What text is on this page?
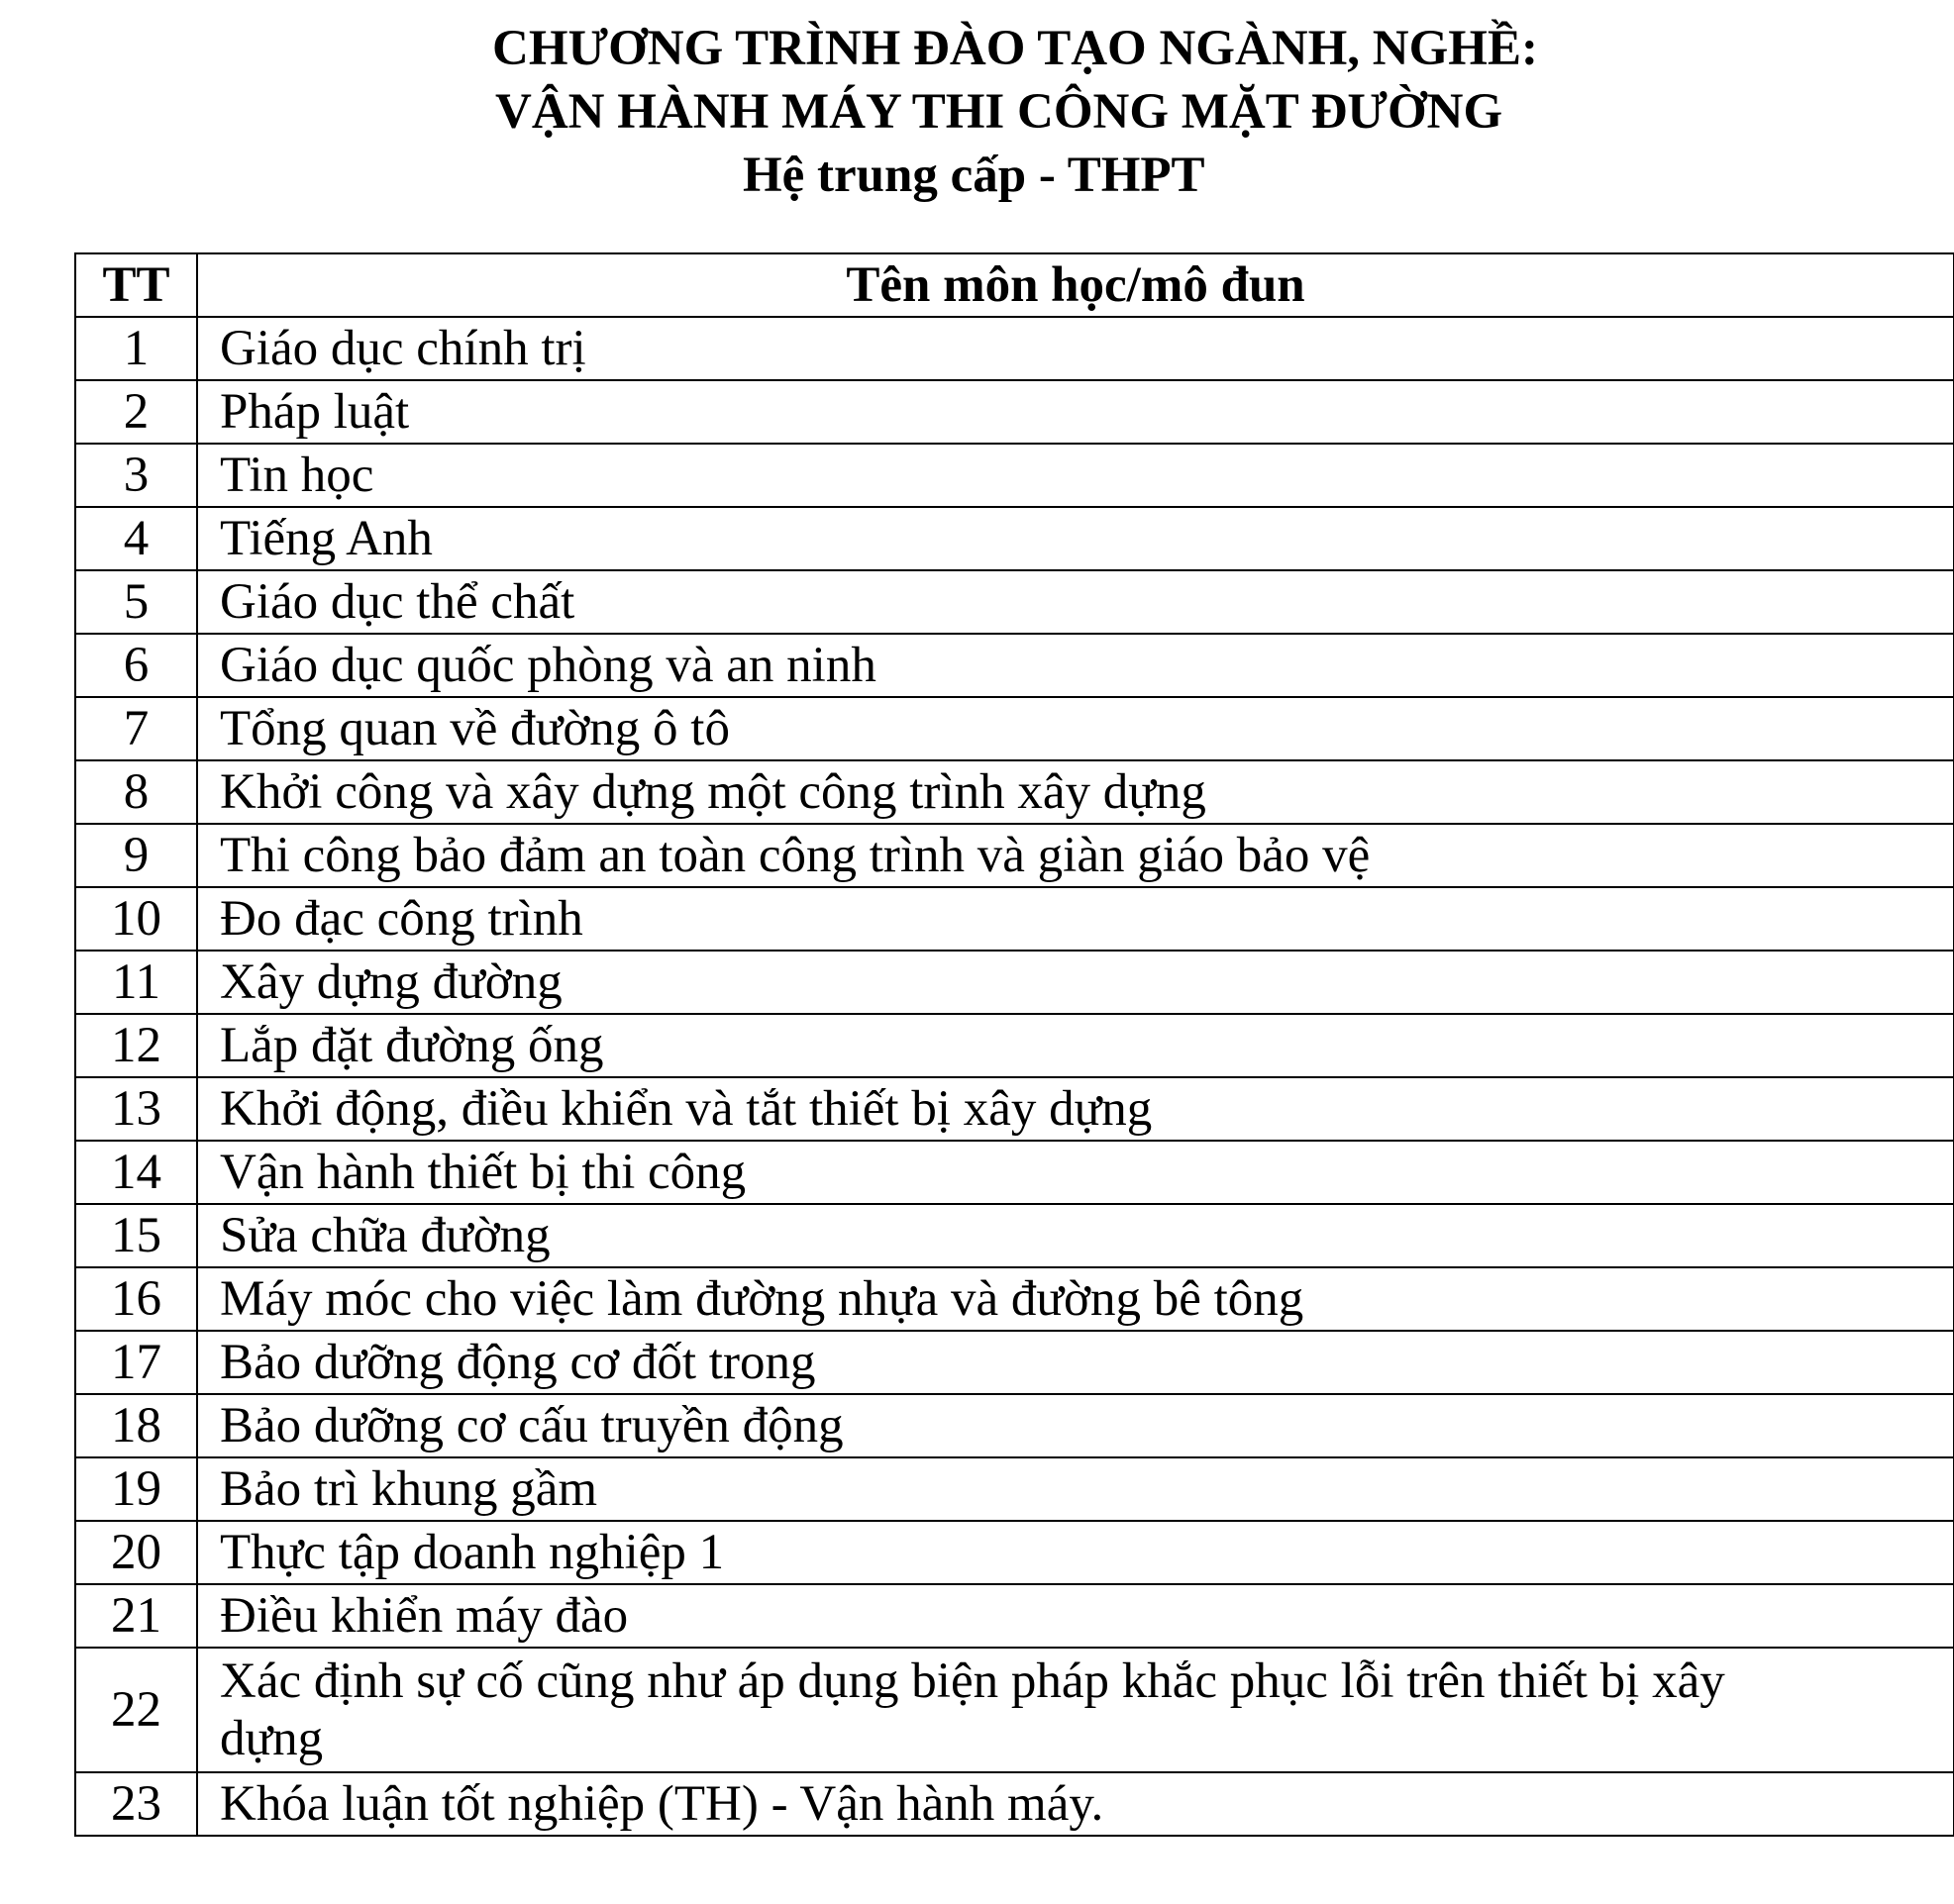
CHƯƠNG TRÌNH ĐÀO TẠO NGÀNH, NGHỀ:
VẬN HÀNH MÁY THI CÔNG MẶT ĐƯỜNG
Hệ trung cấp - THPT
TT	Tên môn học/mô đun
1	Giáo dục chính trị
2	Pháp luật
3	Tin học
4	Tiếng Anh
5	Giáo dục thể chất
6	Giáo dục quốc phòng và an ninh
7	Tổng quan về đường ô tô
8	Khởi công và xây dựng một công trình xây dựng
9	Thi công bảo đảm an toàn công trình và giàn giáo bảo vệ
10	Đo đạc công trình
11	Xây dựng đường
12	Lắp đặt đường ống
13	Khởi động, điều khiển và tắt thiết bị xây dựng
14	Vận hành thiết bị thi công
15	Sửa chữa đường
16	Máy móc cho việc làm đường nhựa và đường bê tông
17	Bảo dưỡng động cơ đốt trong
18	Bảo dưỡng cơ cấu truyền động
19	Bảo trì khung gầm
20	Thực tập doanh nghiệp 1
21	Điều khiển máy đào
22	Xác định sự cố cũng như áp dụng biện pháp khắc phục lỗi trên thiết bị xây dựng
23	Khóa luận tốt nghiệp (TH) - Vận hành máy.
